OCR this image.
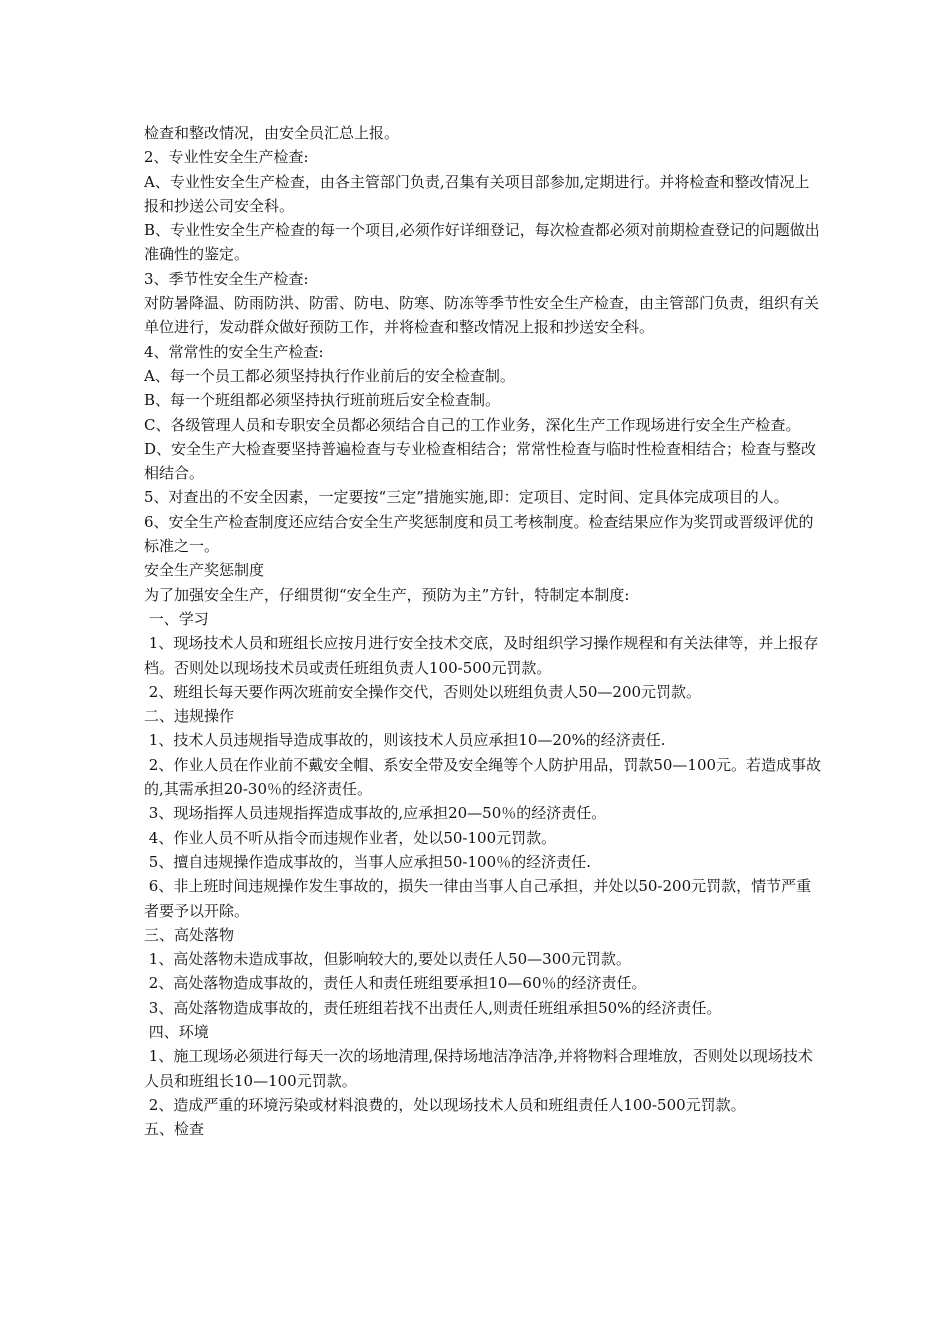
检查和整改情况，由安全员汇总上报。

2、专业性安全生产检查:

A、专业性安全生产检查，由各主管部门负责,召集有关项目部参加,定期进行。并将检查和整改情况上报和抄送公司安全科。

B、专业性安全生产检查的每一个项目,必须作好详细登记，每次检查都必须对前期检查登记的问题做出准确性的鉴定。

3、季节性安全生产检查:

对防暑降温、防雨防洪、防雷、防电、防寒、防冻等季节性安全生产检查，由主管部门负责，组织有关单位进行，发动群众做好预防工作，并将检查和整改情况上报和抄送安全科。

4、常常性的安全生产检查:

A、每一个员工都必须坚持执行作业前后的安全检查制。

B、每一个班组都必须坚持执行班前班后安全检查制。

C、各级管理人员和专职安全员都必须结合自己的工作业务，深化生产工作现场进行安全生产检查。

D、安全生产大检查要坚持普遍检查与专业检查相结合；常常性检查与临时性检查相结合；检查与整改相结合。

5、对查出的不安全因素，一定要按“三定”措施实施,即：定项目、定时间、定具体完成项目的人。

6、安全生产检查制度还应结合安全生产奖惩制度和员工考核制度。检查结果应作为奖罚或晋级评优的标准之一。

安全生产奖惩制度

为了加强安全生产，仔细贯彻“安全生产，预防为主”方针，特制定本制度:

一、学习

1、现场技术人员和班组长应按月进行安全技术交底，及时组织学习操作规程和有关法律等，并上报存档。否则处以现场技术员或责任班组负责人100-500元罚款。

2、班组长每天要作两次班前安全操作交代，否则处以班组负责人50—200元罚款。

二、违规操作

1、技术人员违规指导造成事故的，则该技术人员应承担10—20%的经济责任.

2、作业人员在作业前不戴安全帽、系安全带及安全绳等个人防护用品，罚款50—100元。若造成事故的,其需承担20-30％的经济责任。

3、现场指挥人员违规指挥造成事故的,应承担20—50％的经济责任。

4、作业人员不听从指令而违规作业者，处以50-100元罚款。

5、擅自违规操作造成事故的，当事人应承担50-100％的经济责任.

6、非上班时间违规操作发生事故的，损失一律由当事人自己承担，并处以50-200元罚款，情节严重者要予以开除。

三、高处落物

1、高处落物未造成事故，但影响较大的,要处以责任人50—300元罚款。

2、高处落物造成事故的，责任人和责任班组要承担10—60％的经济责任。

3、高处落物造成事故的，责任班组若找不出责任人,则责任班组承担50%的经济责任。

四、环境

1、施工现场必须进行每天一次的场地清理,保持场地洁净洁净,并将物料合理堆放，否则处以现场技术人员和班组长10—100元罚款。

2、造成严重的环境污染或材料浪费的，处以现场技术人员和班组责任人100-500元罚款。

五、检查
